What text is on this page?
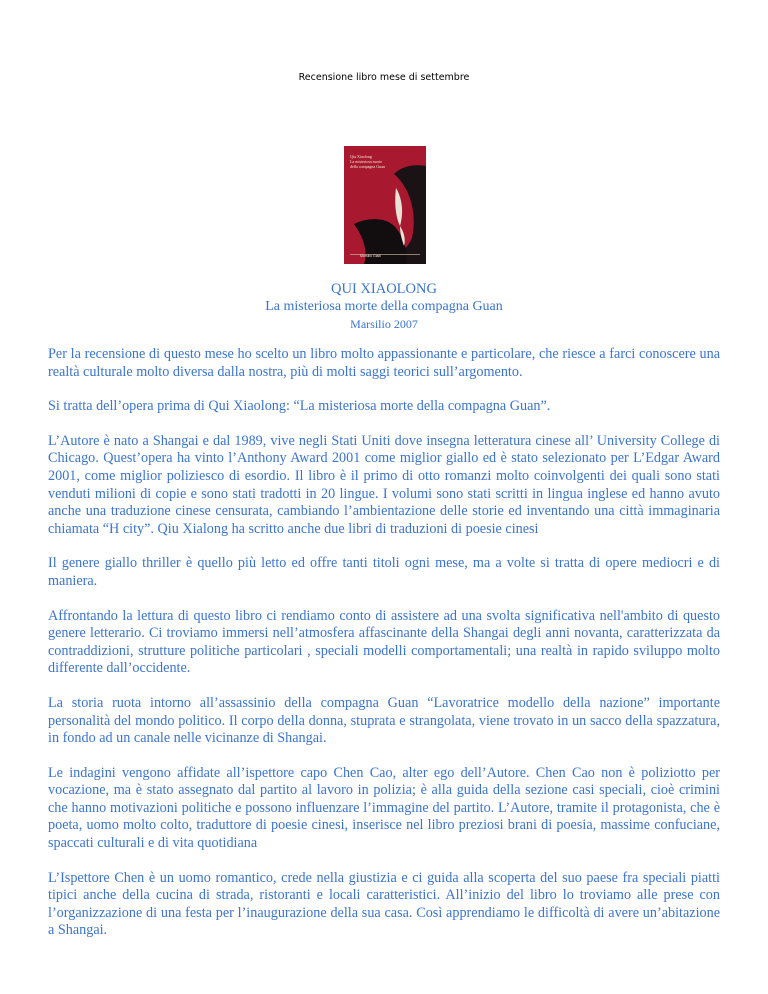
Recensione libro mese di settembre
Qiu Xiaolong
La misteriosa morte
della compagna Guan
Marsilio Gialli
QUI XIAOLONG
La misteriosa morte della compagna Guan
Marsilio 2007

Per la recensione di questo mese ho scelto un libro molto appassionante e particolare, che riesce a farci conoscere una realtà culturale molto diversa dalla nostra, più di molti saggi teorici sull’argomento.

Si tratta dell’opera prima di Qui Xiaolong: “La misteriosa morte della compagna Guan”.

L’Autore è nato a Shangai e dal 1989, vive negli Stati Uniti dove insegna letteratura cinese all’ University College di Chicago. Quest’opera ha vinto l’Anthony Award 2001 come miglior giallo ed è stato selezionato per L’Edgar Award 2001, come miglior poliziesco di esordio. Il libro è il primo di otto romanzi molto coinvolgenti dei quali sono stati venduti milioni di copie e sono stati tradotti in 20 lingue. I volumi sono stati scritti in lingua inglese ed hanno avuto anche una traduzione cinese censurata, cambiando l’ambientazione delle storie ed inventando una città immaginaria chiamata “H city”. Qiu Xialong ha scritto anche due libri di traduzioni di poesie cinesi

Il genere giallo thriller è quello più letto ed offre tanti titoli ogni mese, ma a volte si tratta di opere mediocri e di maniera.

Affrontando la lettura di questo libro ci rendiamo conto di assistere ad una svolta significativa nell'ambito di questo genere letterario. Ci troviamo immersi nell’atmosfera affascinante della Shangai degli anni novanta, caratterizzata da contraddizioni, strutture politiche particolari , speciali modelli comportamentali; una realtà in rapido sviluppo molto differente dall’occidente.

La storia ruota intorno all’assassinio della compagna Guan “Lavoratrice modello della nazione” importante personalità del mondo politico. Il corpo della donna, stuprata e strangolata, viene trovato in un sacco della spazzatura, in fondo ad un canale nelle vicinanze di Shangai.

Le indagini vengono affidate all’ispettore capo Chen Cao, alter ego dell’Autore. Chen Cao non è poliziotto per vocazione, ma è stato assegnato dal partito al lavoro in polizia; è alla guida della sezione casi speciali, cioè crimini che hanno motivazioni politiche e possono influenzare l’immagine del partito. L’Autore, tramite il protagonista, che è poeta, uomo molto colto, traduttore di poesie cinesi, inserisce nel libro preziosi brani di poesia, massime confuciane, spaccati culturali e di vita quotidiana

L’Ispettore Chen è un uomo romantico, crede nella giustizia e ci guida alla scoperta del suo paese fra speciali piatti tipici anche della cucina di strada, ristoranti e locali caratteristici. All’inizio del libro lo troviamo alle prese con l’organizzazione di una festa per l’inaugurazione della sua casa. Così apprendiamo le difficoltà di avere un’abitazione a Shangai.
